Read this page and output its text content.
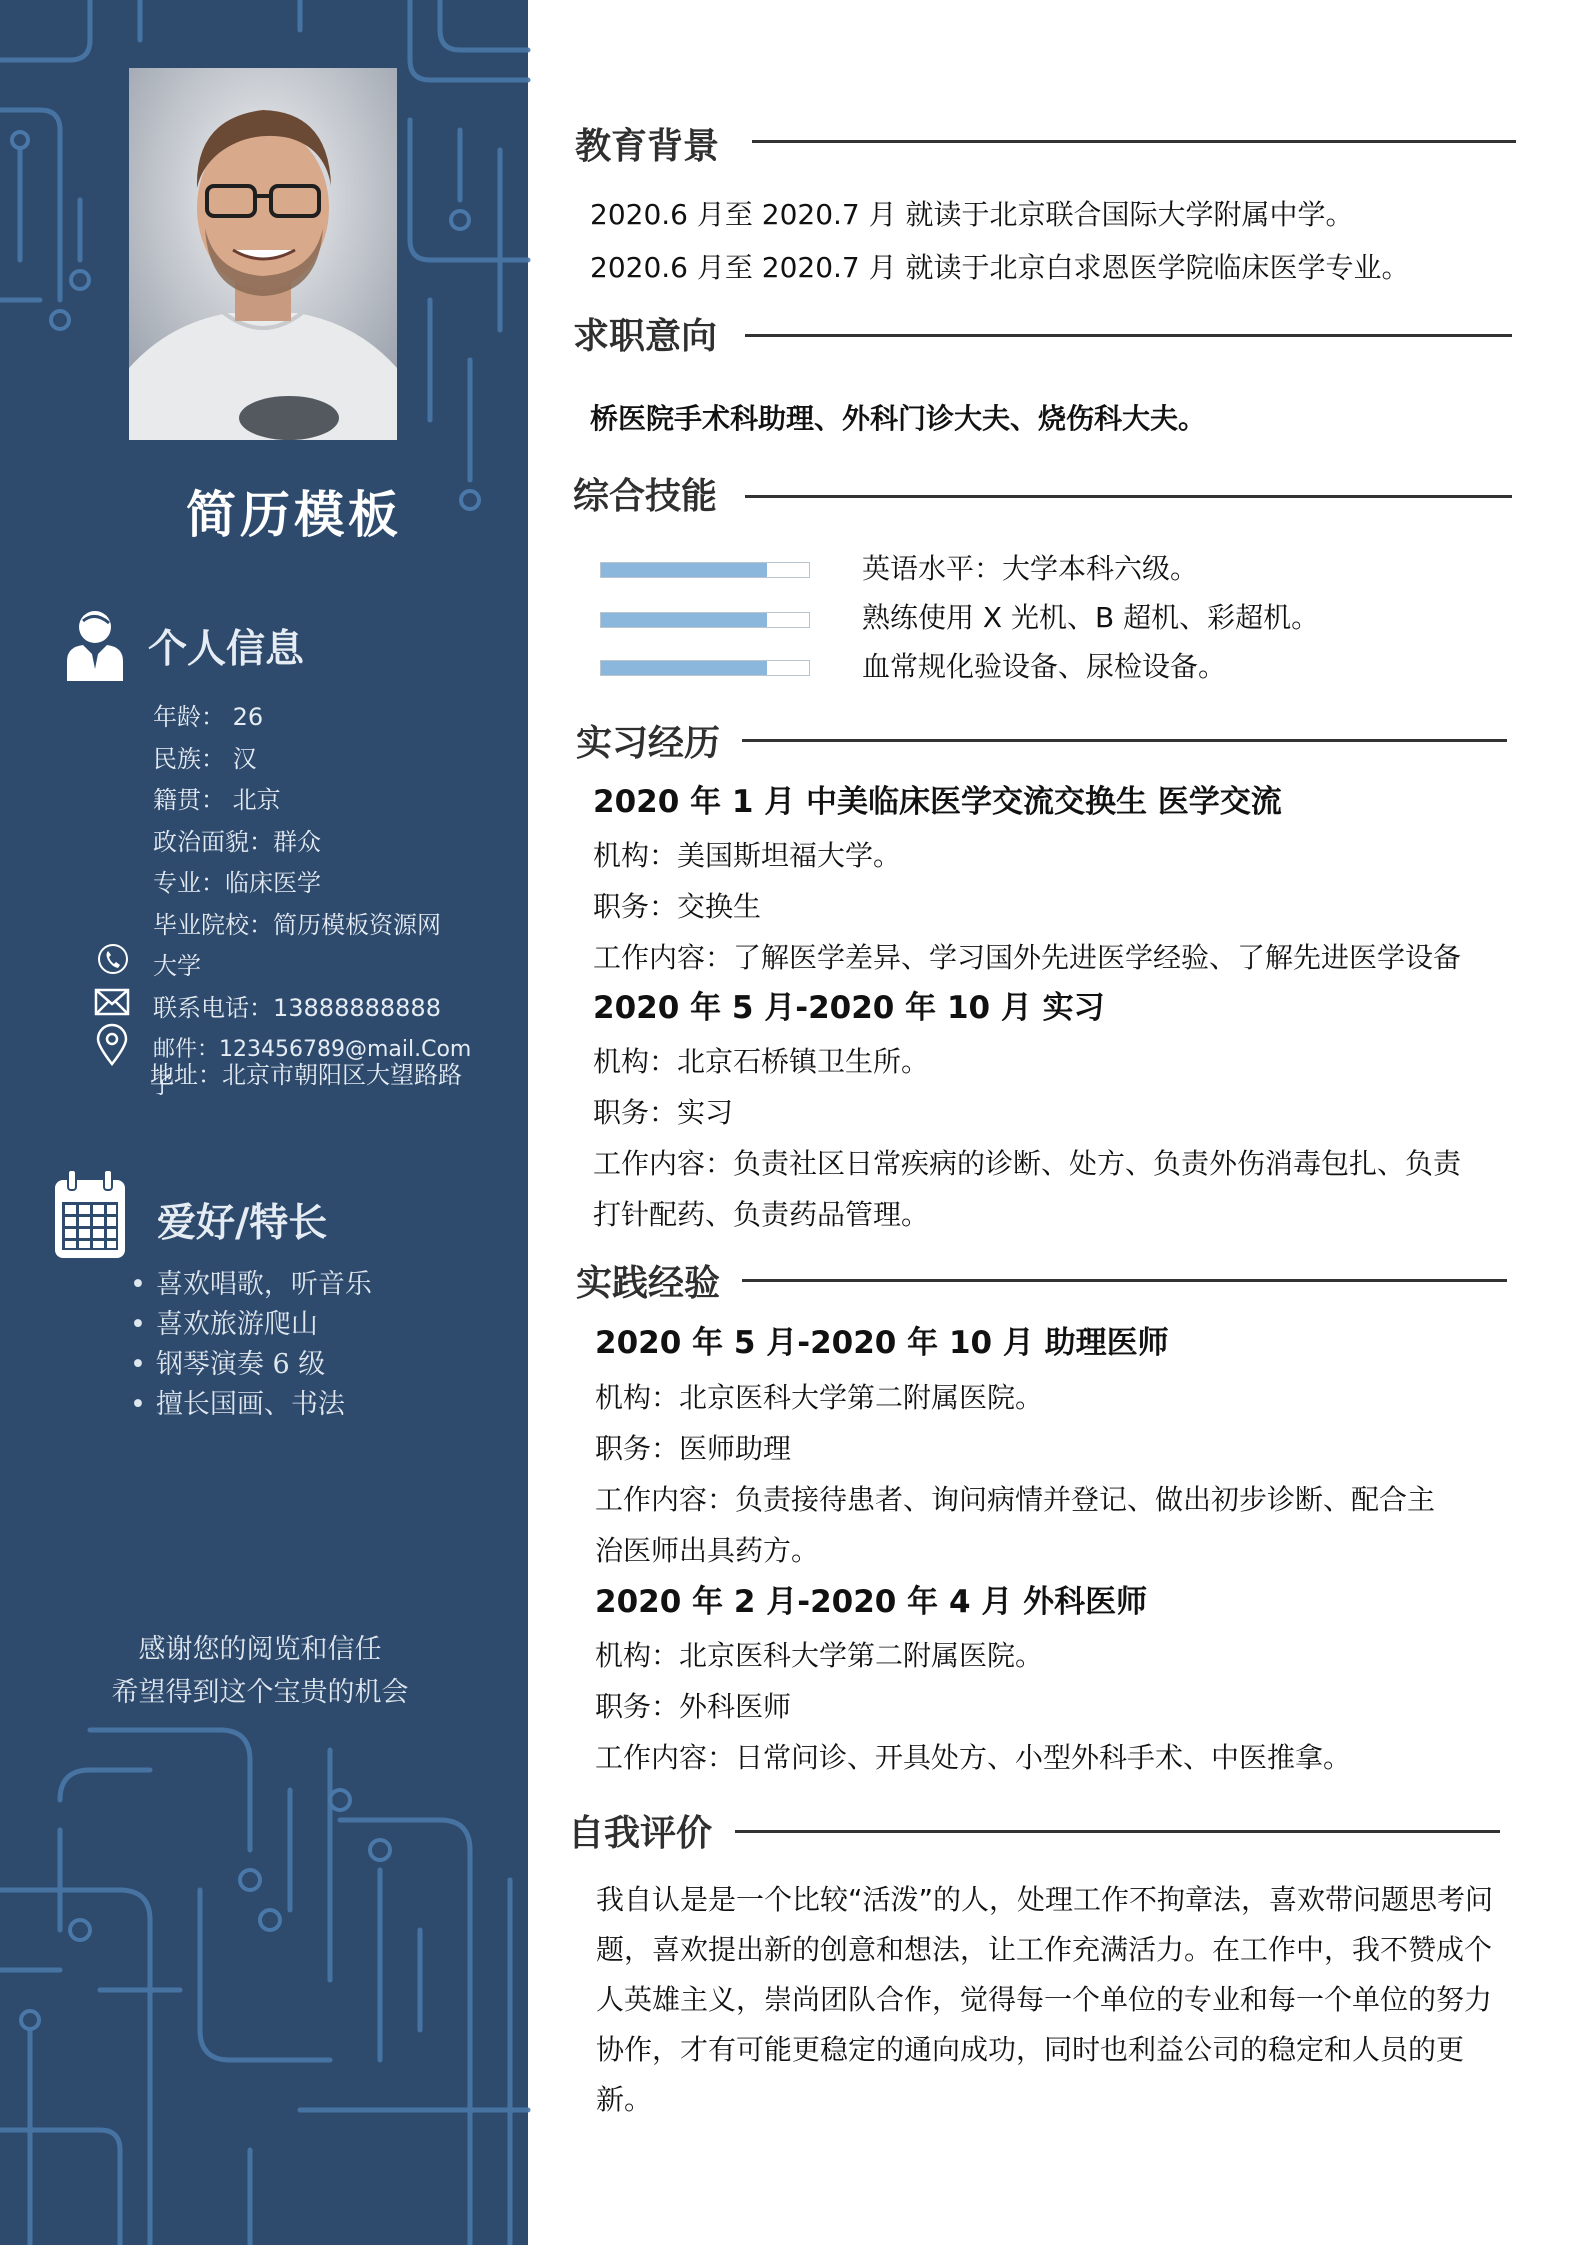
简历模板
个人信息
年龄： 26
民族： 汉
籍贯： 北京
政治面貌：群众
专业：临床医学
毕业院校：简历模板资源网大学
联系电话：13888888888
邮件：123456789@mail.Com
地址：北京市朝阳区大望路路子
爱好/特长
• 喜欢唱歌，听音乐
• 喜欢旅游爬山
• 钢琴演奏 6 级
• 擅长国画、书法
感谢您的阅览和信任
希望得到这个宝贵的机会
教育背景
2020.6 月至 2020.7 月 就读于北京联合国际大学附属中学。
2020.6 月至 2020.7 月 就读于北京白求恩医学院临床医学专业。
求职意向
桥医院手术科助理、外科门诊大夫、烧伤科大夫。
综合技能
英语水平：大学本科六级。
熟练使用 X 光机、B 超机、彩超机。
血常规化验设备、尿检设备。
实习经历
2020 年 1 月 中美临床医学交流交换生 医学交流
机构：美国斯坦福大学。
职务：交换生
工作内容：了解医学差异、学习国外先进医学经验、了解先进医学设备
2020 年 5 月-2020 年 10 月 实习
机构：北京石桥镇卫生所。
职务：实习
工作内容：负责社区日常疾病的诊断、处方、负责外伤消毒包扎、负责
打针配药、负责药品管理。
实践经验
2020 年 5 月-2020 年 10 月 助理医师
机构：北京医科大学第二附属医院。
职务：医师助理
工作内容：负责接待患者、询问病情并登记、做出初步诊断、配合主
治医师出具药方。
2020 年 2 月-2020 年 4 月 外科医师
机构：北京医科大学第二附属医院。
职务：外科医师
工作内容：日常问诊、开具处方、小型外科手术、中医推拿。
自我评价
我自认是是一个比较“活泼”的人，处理工作不拘章法，喜欢带问题思考问题，喜欢提出新的创意和想法，让工作充满活力。在工作中，我不赞成个人英雄主义，崇尚团队合作，觉得每一个单位的专业和每一个单位的努力协作，才有可能更稳定的通向成功，同时也利益公司的稳定和人员的更新。
